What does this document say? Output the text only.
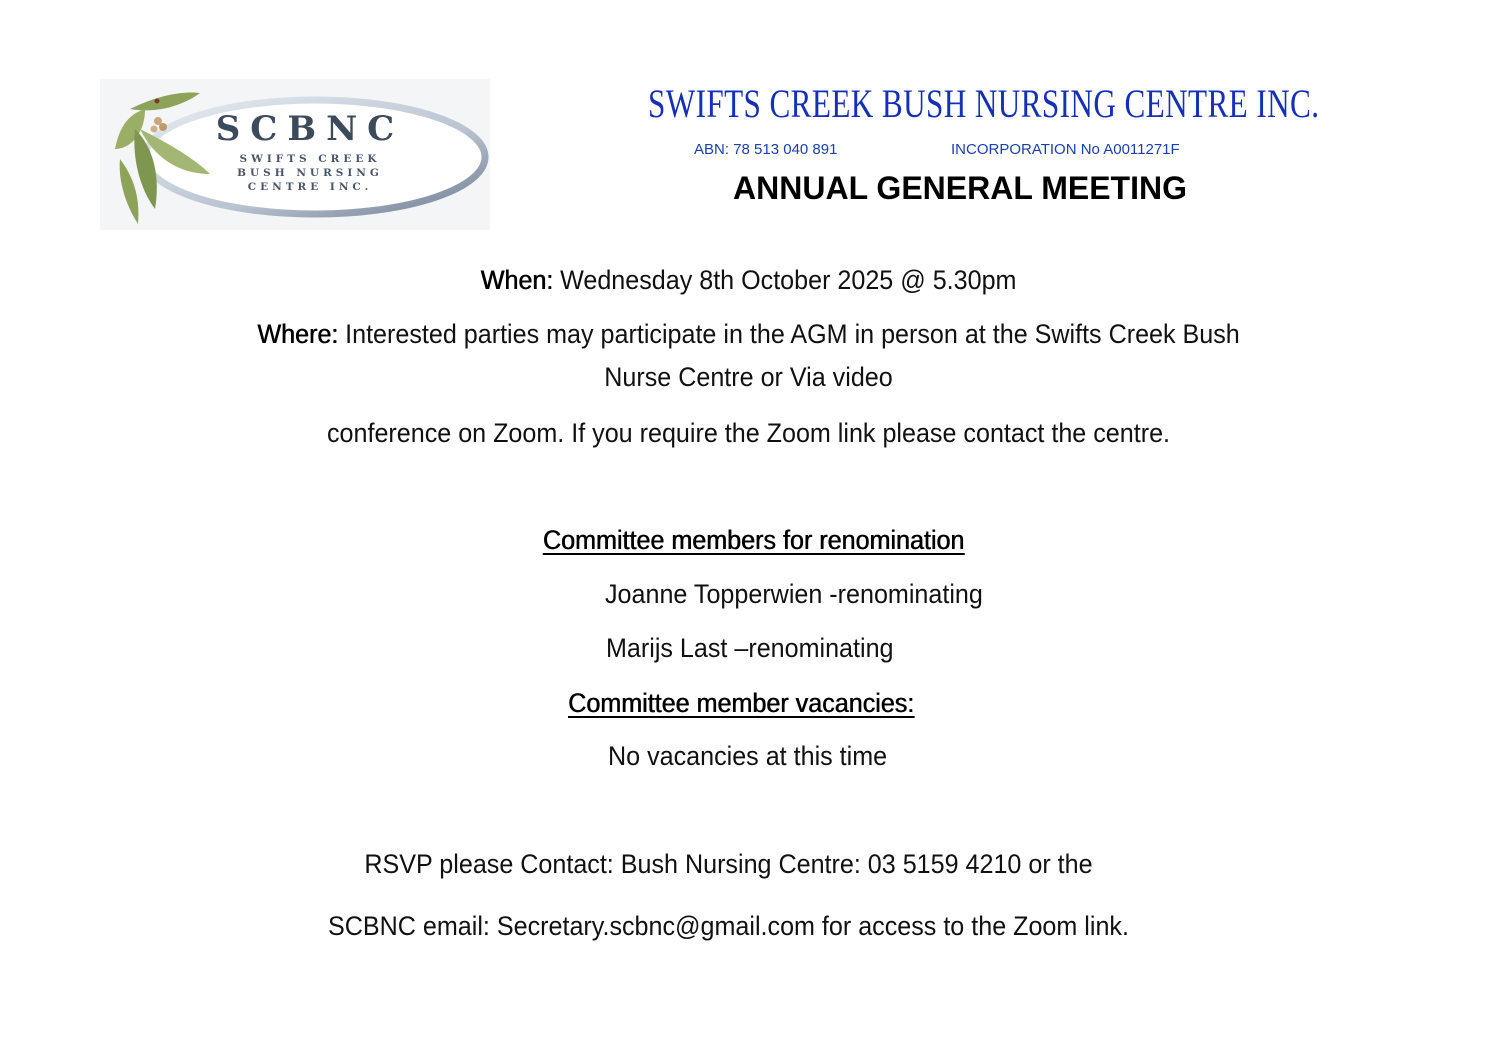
SCBNC
SWIFTS CREEK
BUSH NURSING
CENTRE INC.
SWIFTS CREEK BUSH NURSING CENTRE INC.
ABN: 78 513 040 891	INCORPORATION No A0011271F
ANNUAL GENERAL MEETING
When: Wednesday 8th October 2025 @ 5.30pm
Where: Interested parties may participate in the AGM in person at the Swifts Creek Bush
Nurse Centre or Via video
conference on Zoom. If you require the Zoom link please contact the centre.
Committee members for renomination
Joanne Topperwien -renominating
Marijs Last –renominating
Committee member vacancies:
No vacancies at this time
RSVP please Contact: Bush Nursing Centre: 03 5159 4210 or the
SCBNC email: Secretary.scbnc@gmail.com for access to the Zoom link.
